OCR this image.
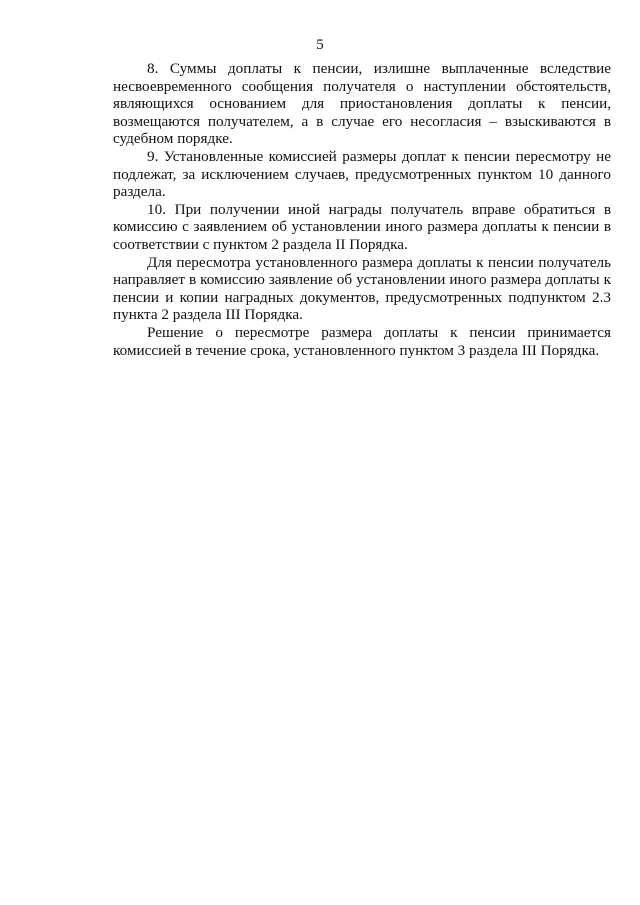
5

8. Суммы доплаты к пенсии, излишне выплаченные вследствие несвоевременного сообщения получателя о наступлении обстоятельств, являющихся основанием для приостановления доплаты к пенсии, возмещаются получателем, а в случае его несогласия – взыскиваются в судебном порядке.

9. Установленные комиссией размеры доплат к пенсии пересмотру не подлежат, за исключением случаев, предусмотренных пунктом 10 данного раздела.

10. При получении иной награды получатель вправе обратиться в комиссию с заявлением об установлении иного размера доплаты к пенсии в соответствии с пунктом 2 раздела II Порядка.

Для пересмотра установленного размера доплаты к пенсии получатель направляет в комиссию заявление об установлении иного размера доплаты к пенсии и копии наградных документов, предусмотренных подпунктом 2.3 пункта 2 раздела III Порядка.

Решение о пересмотре размера доплаты к пенсии принимается комиссией в течение срока, установленного пунктом 3 раздела III Порядка.
